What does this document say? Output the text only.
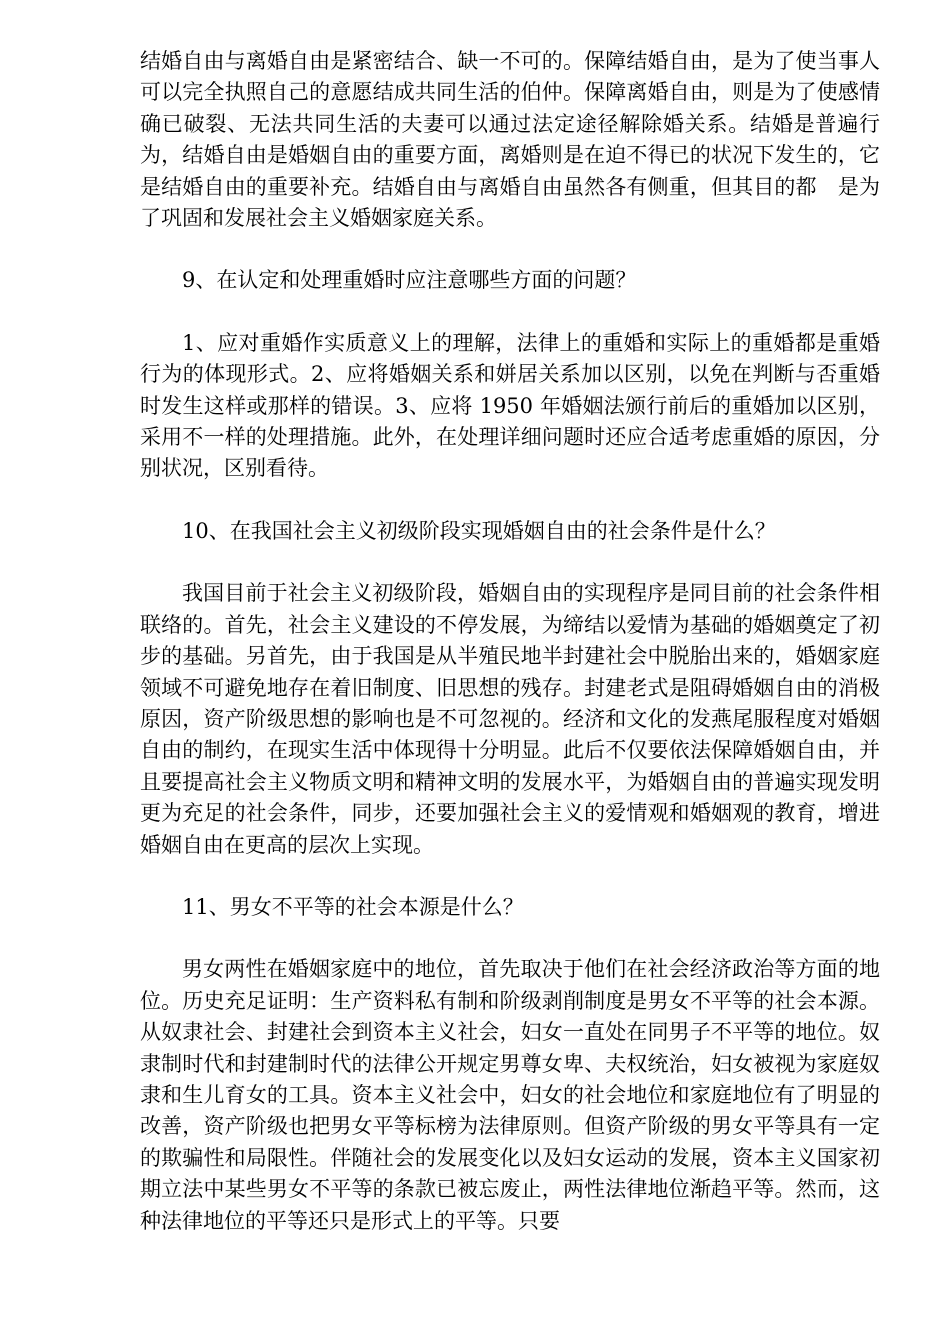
结婚自由与离婚自由是紧密结合、缺一不可的。保障结婚自由，是为了使当事人可以完全执照自己的意愿结成共同生活的伯仲。保障离婚自由，则是为了使感情确已破裂、无法共同生活的夫妻可以通过法定途径解除婚关系。结婚是普遍行为，结婚自由是婚姻自由的重要方面，离婚则是在迫不得已的状况下发生的，它是结婚自由的重要补充。结婚自由与离婚自由虽然各有侧重，但其目的都　是为了巩固和发展社会主义婚姻家庭关系。

9、在认定和处理重婚时应注意哪些方面的问题？

1、应对重婚作实质意义上的理解，法律上的重婚和实际上的重婚都是重婚行为的体现形式。2、应将婚姻关系和姘居关系加以区别，以免在判断与否重婚时发生这样或那样的错误。3、应将 1950 年婚姻法颁行前后的重婚加以区别，采用不一样的处理措施。此外，在处理详细问题时还应合适考虑重婚的原因，分别状况，区别看待。

10、在我国社会主义初级阶段实现婚姻自由的社会条件是什么？

我国目前于社会主义初级阶段，婚姻自由的实现程序是同目前的社会条件相联络的。首先，社会主义建设的不停发展，为缔结以爱情为基础的婚姻奠定了初步的基础。另首先，由于我国是从半殖民地半封建社会中脱胎出来的，婚姻家庭领域不可避免地存在着旧制度、旧思想的残存。封建老式是阻碍婚姻自由的消极原因，资产阶级思想的影响也是不可忽视的。经济和文化的发燕尾服程度对婚姻自由的制约，在现实生活中体现得十分明显。此后不仅要依法保障婚姻自由，并且要提高社会主义物质文明和精神文明的发展水平，为婚姻自由的普遍实现发明更为充足的社会条件，同步，还要加强社会主义的爱情观和婚姻观的教育，增进婚姻自由在更高的层次上实现。

11、男女不平等的社会本源是什么？

男女两性在婚姻家庭中的地位，首先取决于他们在社会经济政治等方面的地位。历史充足证明：生产资料私有制和阶级剥削制度是男女不平等的社会本源。从奴隶社会、封建社会到资本主义社会，妇女一直处在同男子不平等的地位。奴隶制时代和封建制时代的法律公开规定男尊女卑、夫权统治，妇女被视为家庭奴隶和生儿育女的工具。资本主义社会中，妇女的社会地位和家庭地位有了明显的改善，资产阶级也把男女平等标榜为法律原则。但资产阶级的男女平等具有一定的欺骗性和局限性。伴随社会的发展变化以及妇女运动的发展，资本主义国家初期立法中某些男女不平等的条款已被忘废止，两性法律地位渐趋平等。然而，这种法律地位的平等还只是形式上的平等。只要
